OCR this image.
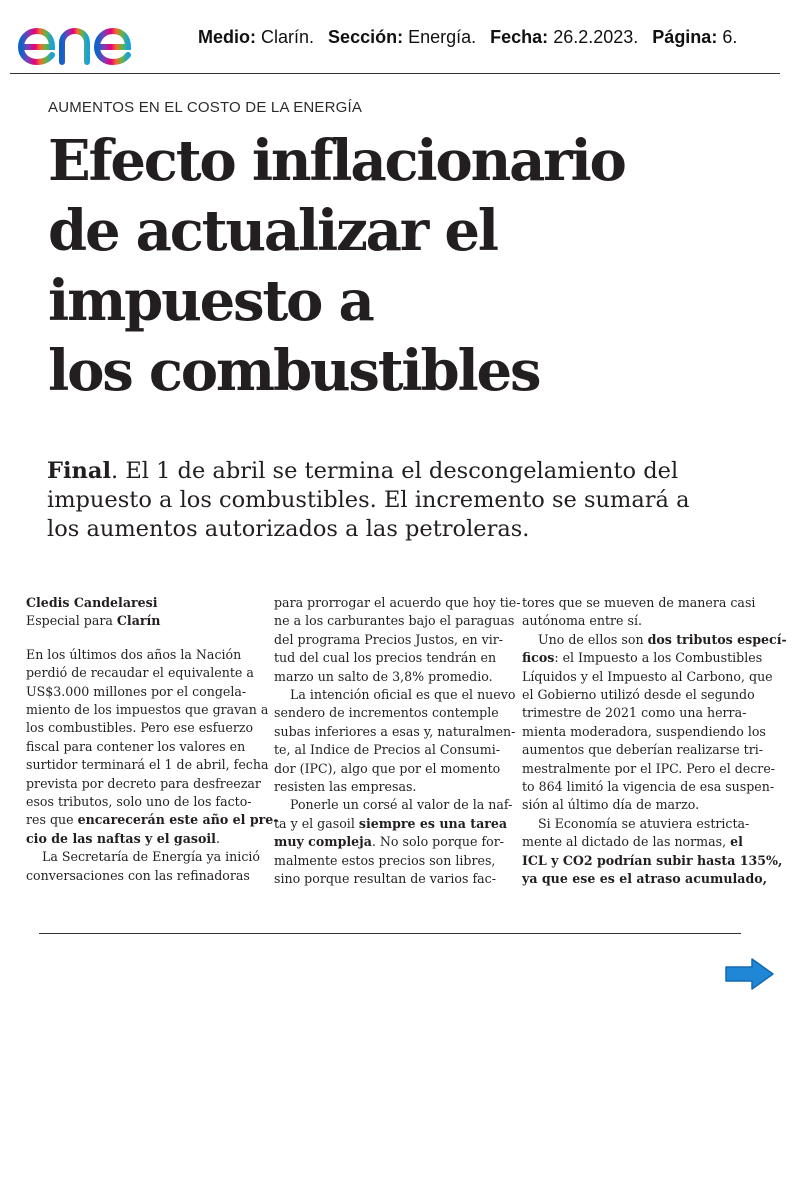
Medio: Clarín. Sección: Energía. Fecha: 26.2.2023. Página: 6.
AUMENTOS EN EL COSTO DE LA ENERGÍA
Efecto inflacionario
de actualizar el
impuesto a
los combustibles

Final. El 1 de abril se termina el descongelamiento del
impuesto a los combustibles. El incremento se sumará a
los aumentos autorizados a las petroleras.

Cledis Candelaresi
Especial para Clarín
En los últimos dos años la Nación
perdió de recaudar el equivalente a
US$3.000 millones por el congela-
miento de los impuestos que gravan a
los combustibles. Pero ese esfuerzo
fiscal para contener los valores en
surtidor terminará el 1 de abril, fecha
prevista por decreto para desfreezar
esos tributos, solo uno de los facto-
res que encarecerán este año el pre-
cio de las naftas y el gasoil.
La Secretaría de Energía ya inició
conversaciones con las refinadoras
para prorrogar el acuerdo que hoy tie-
ne a los carburantes bajo el paraguas
del programa Precios Justos, en vir-
tud del cual los precios tendrán en
marzo un salto de 3,8% promedio.
La intención oficial es que el nuevo
sendero de incrementos contemple
subas inferiores a esas y, naturalmen-
te, al Indice de Precios al Consumi-
dor (IPC), algo que por el momento
resisten las empresas.
Ponerle un corsé al valor de la naf-
ta y el gasoil siempre es una tarea
muy compleja. No solo porque for-
malmente estos precios son libres,
sino porque resultan de varios fac-
tores que se mueven de manera casi
autónoma entre sí.
Uno de ellos son dos tributos especí-
ficos: el Impuesto a los Combustibles
Líquidos y el Impuesto al Carbono, que
el Gobierno utilizó desde el segundo
trimestre de 2021 como una herra-
mienta moderadora, suspendiendo los
aumentos que deberían realizarse tri-
mestralmente por el IPC. Pero el decre-
to 864 limitó la vigencia de esa suspen-
sión al último día de marzo.
Si Economía se atuviera estricta-
mente al dictado de las normas, el
ICL y CO2 podrían subir hasta 135%,
ya que ese es el atraso acumulado,
